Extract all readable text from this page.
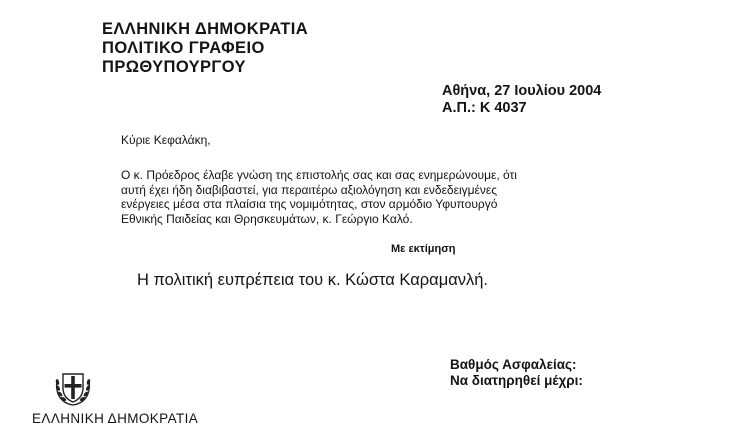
ΕΛΛΗΝΙΚΗ ΔΗΜΟΚΡΑΤΙΑ
ΠΟΛΙΤΙΚΟ ΓΡΑΦΕΙΟ
ΠΡΩΘΥΠΟΥΡΓΟΥ
Αθήνα, 27 Ιουλίου 2004
Α.Π.: Κ 4037
Κύριε Κεφαλάκη,
Ο κ. Πρόεδρος έλαβε γνώση της επιστολής σας και σας ενημερώνουμε, ότι
αυτή έχει ήδη διαβιβαστεί, για περαιτέρω αξιολόγηση και ενδεδειγμένες
ενέργειες μέσα στα πλαίσια της νομιμότητας, στον αρμόδιο Υφυπουργό
Εθνικής Παιδείας και Θρησκευμάτων, κ. Γεώργιο Καλό.
Με εκτίμηση
Η πολιτική ευπρέπεια του κ. Κώστα Καραμανλή.
Βαθμός Ασφαλείας:
Να διατηρηθεί μέχρι:
ΕΛΛΗΝΙΚΗ ΔΗΜΟΚΡΑΤΙΑ
